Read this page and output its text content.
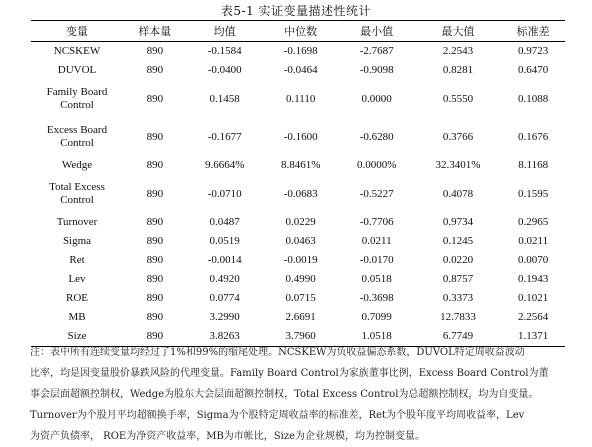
表5-1 实证变量描述性统计
变量	样本量	均值	中位数	最小值	最大值	标准差
NCSKEW	890	-0.1584	-0.1698	-2.7687	2.2543	0.9723
DUVOL	890	-0.0400	-0.0464	-0.9098	0.8281	0.6470
Family Board Control	890	0.1458	0.1110	0.0000	0.5550	0.1088
Excess Board Control	890	-0.1677	-0.1600	-0.6280	0.3766	0.1676
Wedge	890	9.6664%	8.8461%	0.0000%	32.3401%	8.1168
Total Excess Control	890	-0.0710	-0.0683	-0.5227	0.4078	0.1595
Turnover	890	0.0487	0.0229	-0.7706	0.9734	0.2965
Sigma	890	0.0519	0.0463	0.0211	0.1245	0.0211
Ret	890	-0.0014	-0.0019	-0.0170	0.0220	0.0070
Lev	890	0.4920	0.4990	0.0518	0.8757	0.1943
ROE	890	0.0774	0.0715	-0.3698	0.3373	0.1021
MB	890	3.2990	2.6691	0.7099	12.7833	2.2564
Size	890	3.8263	3.7960	1.0518	6.7749	1.1371

注：表中所有连续变量均经过了1%和99%的缩尾处理。NCSKEW为负收益偏态系数，DUVOL特定周收益波动

比率，均是因变量股价暴跌风险的代理变量。Family Board Control为家族董事比例，Excess Board Control为董

事会层面超额控制权，Wedge为股东大会层面超额控制权，Total Excess Control为总超额控制权，均为自变量。

Turnover为个股月平均超额换手率，Sigma为个股特定周收益率的标准差，Ret为个股年度平均周收益率，Lev

为资产负债率， ROE为净资产收益率，MB为市帐比，Size为企业规模，均为控制变量。
